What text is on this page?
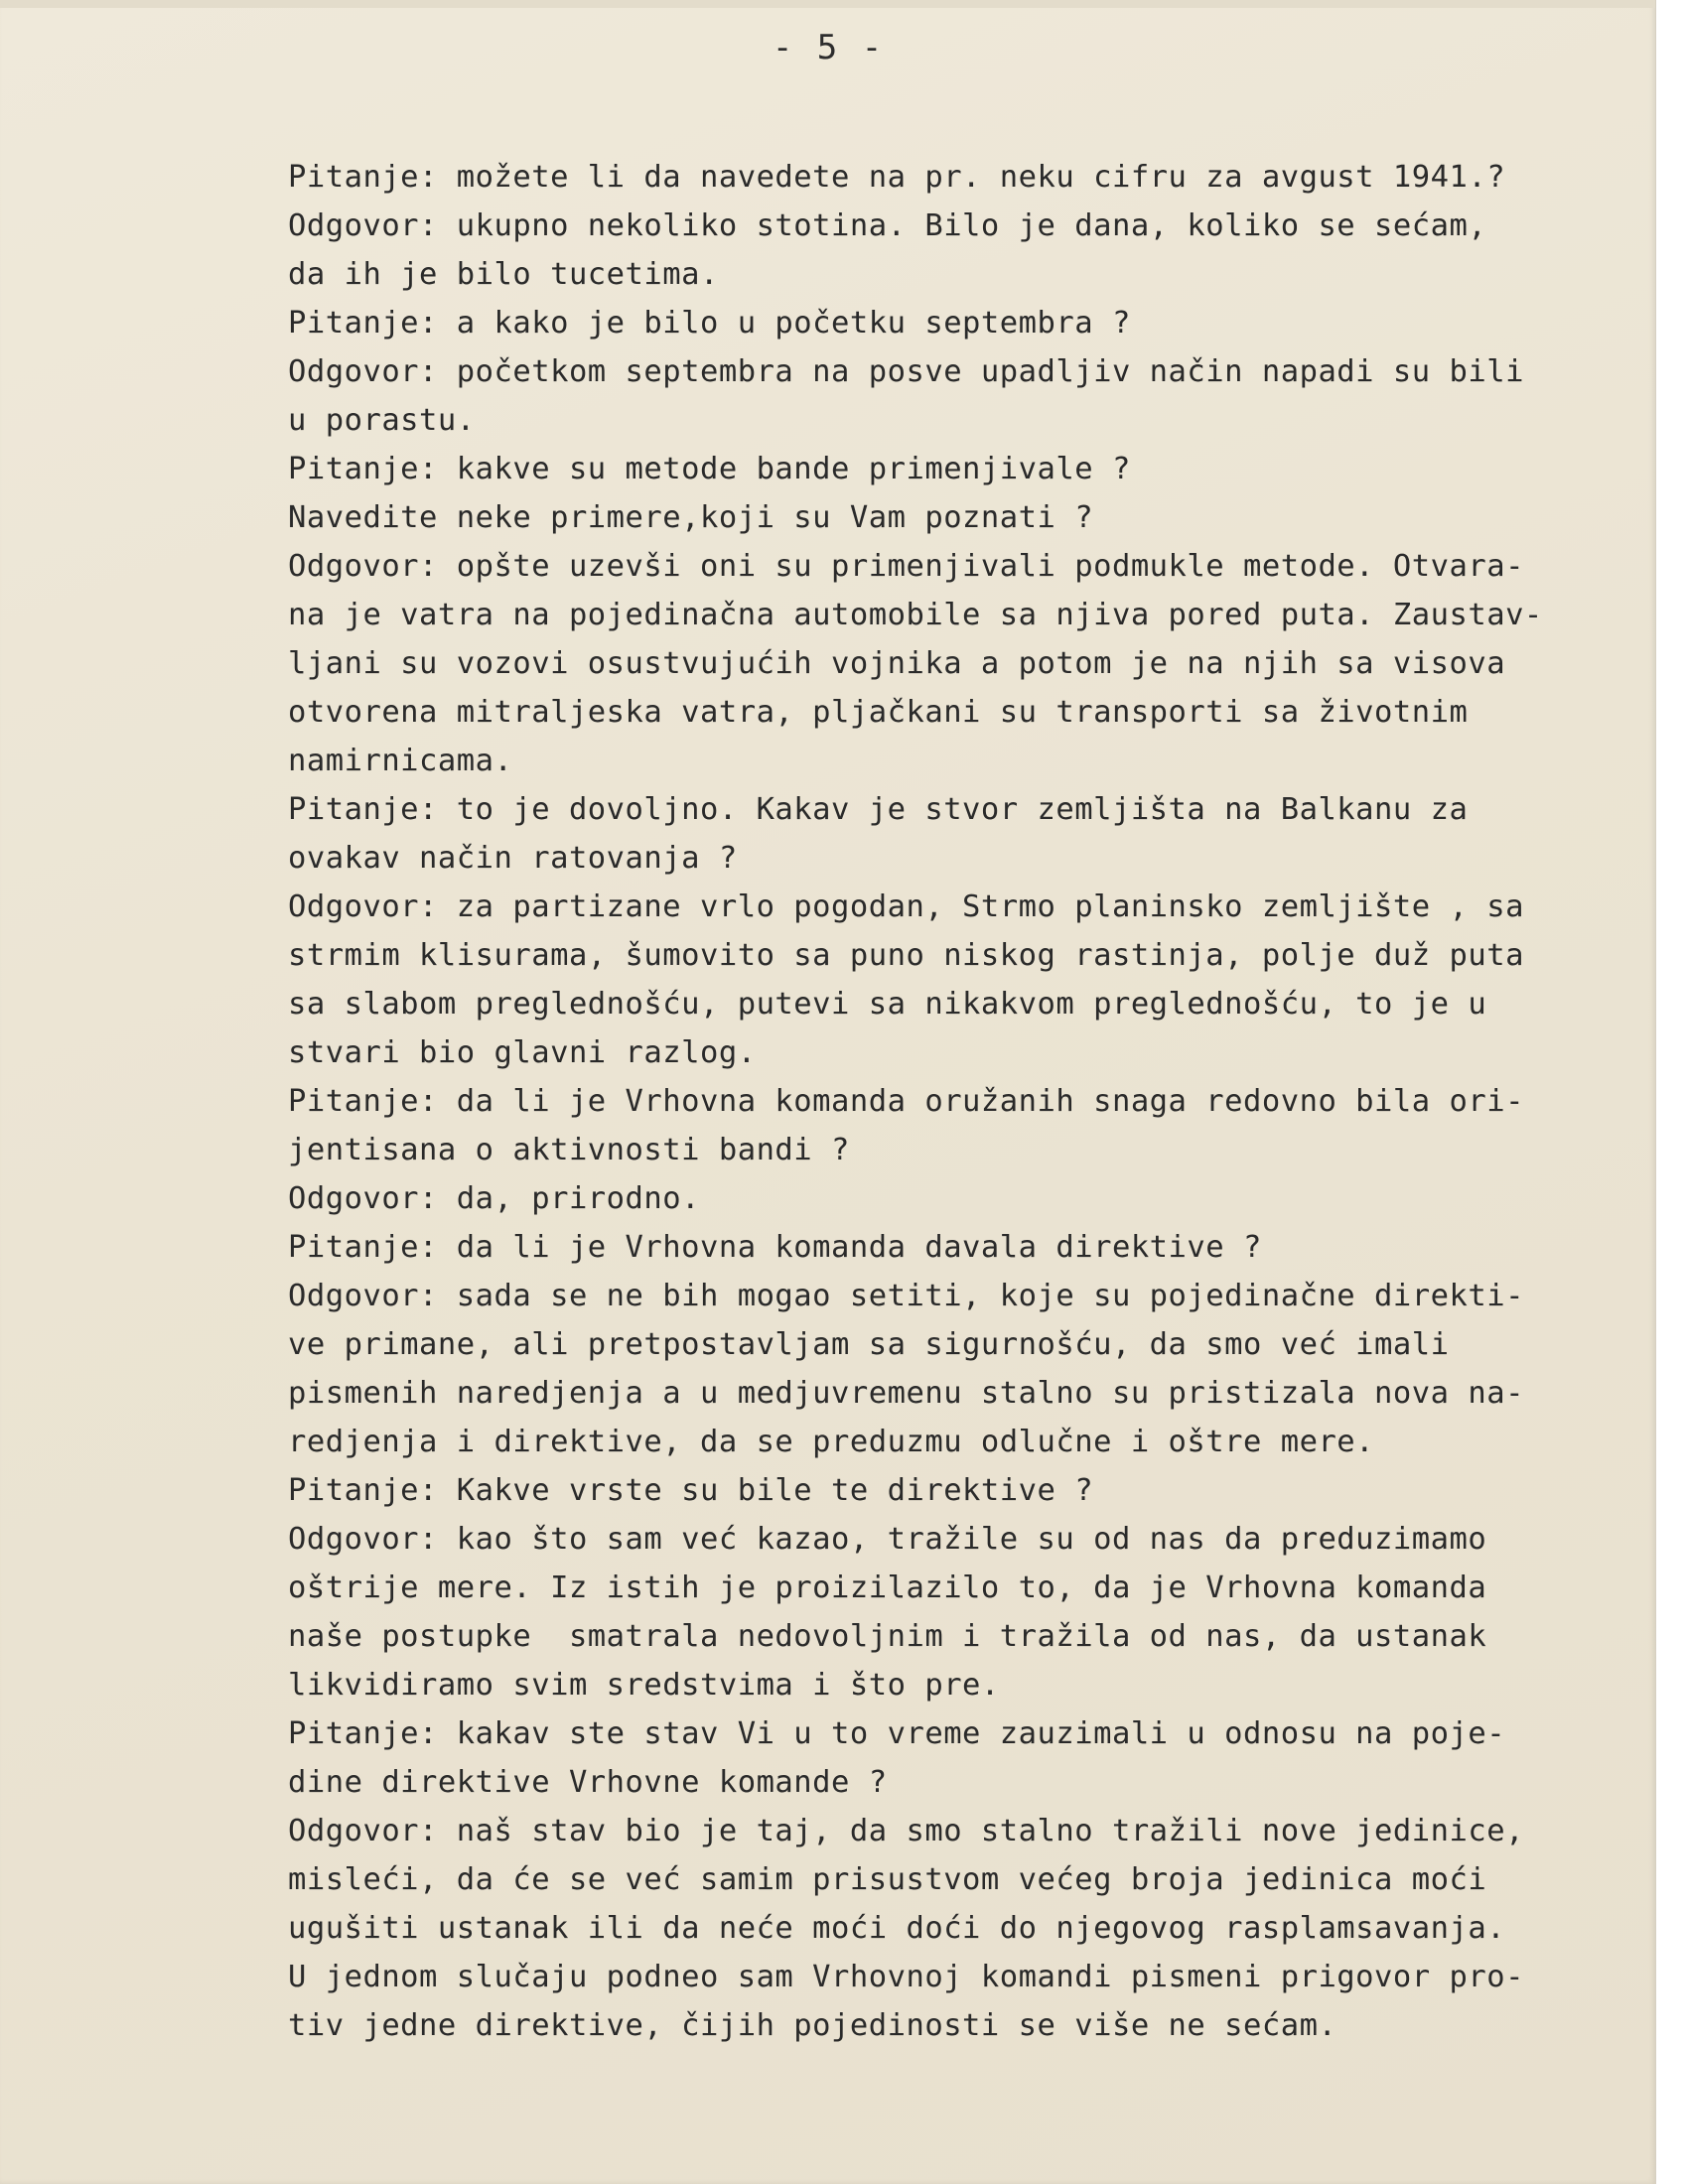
- 5 -
Pitanje: možete li da navedete na pr. neku cifru za avgust 1941.?
Odgovor: ukupno nekoliko stotina. Bilo je dana, koliko se sećam,
da ih je bilo tucetima.
Pitanje: a kako je bilo u početku septembra ?
Odgovor: početkom septembra na posve upadljiv način napadi su bili
u porastu.
Pitanje: kakve su metode bande primenjivale ?
Navedite neke primere,koji su Vam poznati ?
Odgovor: opšte uzevši oni su primenjivali podmukle metode. Otvara-
na je vatra na pojedinačna automobile sa njiva pored puta. Zaustav-
ljani su vozovi osustvujućih vojnika a potom je na njih sa visova
otvorena mitraljeska vatra, pljačkani su transporti sa životnim
namirnicama.
Pitanje: to je dovoljno. Kakav je stvor zemljišta na Balkanu za
ovakav način ratovanja ?
Odgovor: za partizane vrlo pogodan, Strmo planinsko zemljište , sa
strmim klisurama, šumovito sa puno niskog rastinja, polje duž puta
sa slabom preglednošću, putevi sa nikakvom preglednošću, to je u
stvari bio glavni razlog.
Pitanje: da li je Vrhovna komanda oružanih snaga redovno bila ori-
jentisana o aktivnosti bandi ?
Odgovor: da, prirodno.
Pitanje: da li je Vrhovna komanda davala direktive ?
Odgovor: sada se ne bih mogao setiti, koje su pojedinačne direkti-
ve primane, ali pretpostavljam sa sigurnošću, da smo već imali
pismenih naredjenja a u medjuvremenu stalno su pristizala nova na-
redjenja i direktive, da se preduzmu odlučne i oštre mere.
Pitanje: Kakve vrste su bile te direktive ?
Odgovor: kao što sam već kazao, tražile su od nas da preduzimamo
oštrije mere. Iz istih je proizilazilo to, da je Vrhovna komanda
naše postupke  smatrala nedovoljnim i tražila od nas, da ustanak
likvidiramo svim sredstvima i što pre.
Pitanje: kakav ste stav Vi u to vreme zauzimali u odnosu na poje-
dine direktive Vrhovne komande ?
Odgovor: naš stav bio je taj, da smo stalno tražili nove jedinice,
misleći, da će se već samim prisustvom većeg broja jedinica moći
ugušiti ustanak ili da neće moći doći do njegovog rasplamsavanja.
U jednom slučaju podneo sam Vrhovnoj komandi pismeni prigovor pro-
tiv jedne direktive, čijih pojedinosti se više ne sećam.
